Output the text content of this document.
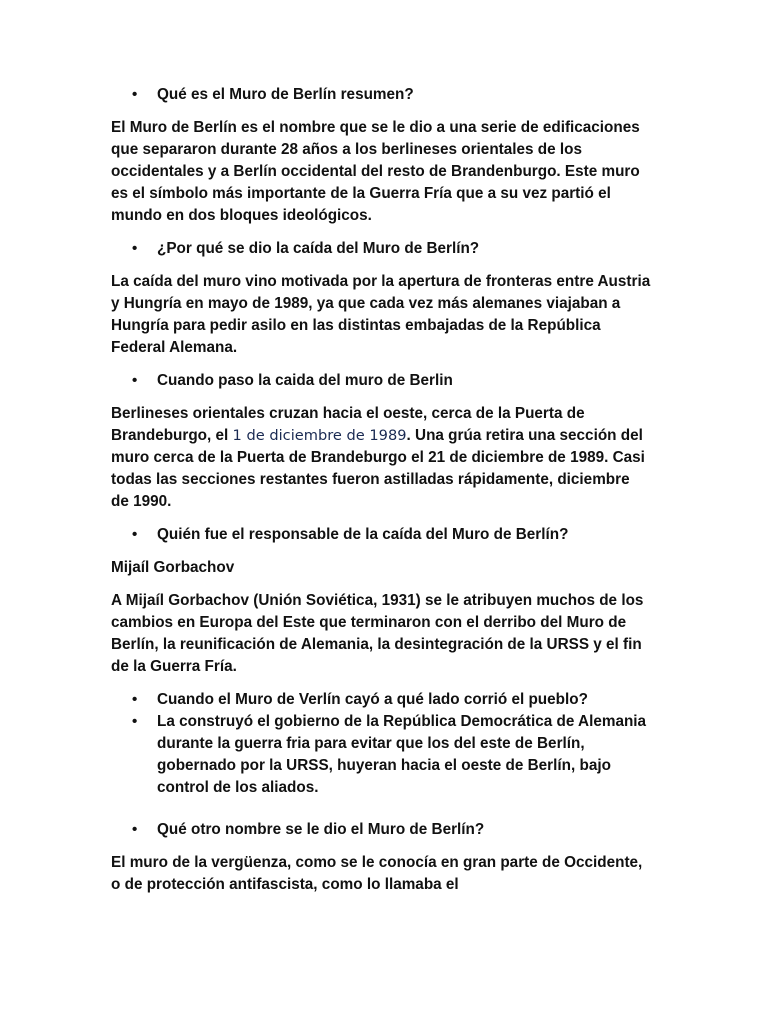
• Qué es el Muro de Berlín resumen?

El Muro de Berlín es el nombre que se le dio a una serie de edificaciones que separaron durante 28 años a los berlineses orientales de los occidentales y a Berlín occidental del resto de Brandenburgo. Este muro es el símbolo más importante de la Guerra Fría que a su vez partió el mundo en dos bloques ideológicos.

• ¿Por qué se dio la caída del Muro de Berlín?

La caída del muro vino motivada por la apertura de fronteras entre Austria y Hungría en mayo de 1989, ya que cada vez más alemanes viajaban a Hungría para pedir asilo en las distintas embajadas de la República Federal Alemana.

• Cuando paso la caida del muro de Berlin

Berlineses orientales cruzan hacia el oeste, cerca de la Puerta de Brandeburgo, el 1 de diciembre de 1989. Una grúa retira una sección del muro cerca de la Puerta de Brandeburgo el 21 de diciembre de 1989. Casi todas las secciones restantes fueron astilladas rápidamente, diciembre de 1990.

• Quién fue el responsable de la caída del Muro de Berlín?

Mijaíl Gorbachov

A Mijaíl Gorbachov (Unión Soviética, 1931) se le atribuyen muchos de los cambios en Europa del Este que terminaron con el derribo del Muro de Berlín, la reunificación de Alemania, la desintegración de la URSS y el fin de la Guerra Fría.

• Cuando el Muro de Verlín cayó a qué lado corrió el pueblo?

• La construyó el gobierno de la República Democrática de Alemania durante la guerra fria para evitar que los del este de Berlín, gobernado por la URSS, huyeran hacia el oeste de Berlín, bajo control de los aliados.

• Qué otro nombre se le dio el Muro de Berlín?

El muro de la vergüenza, como se le conocía en gran parte de Occidente, o de protección antifascista, como lo llamaba el
